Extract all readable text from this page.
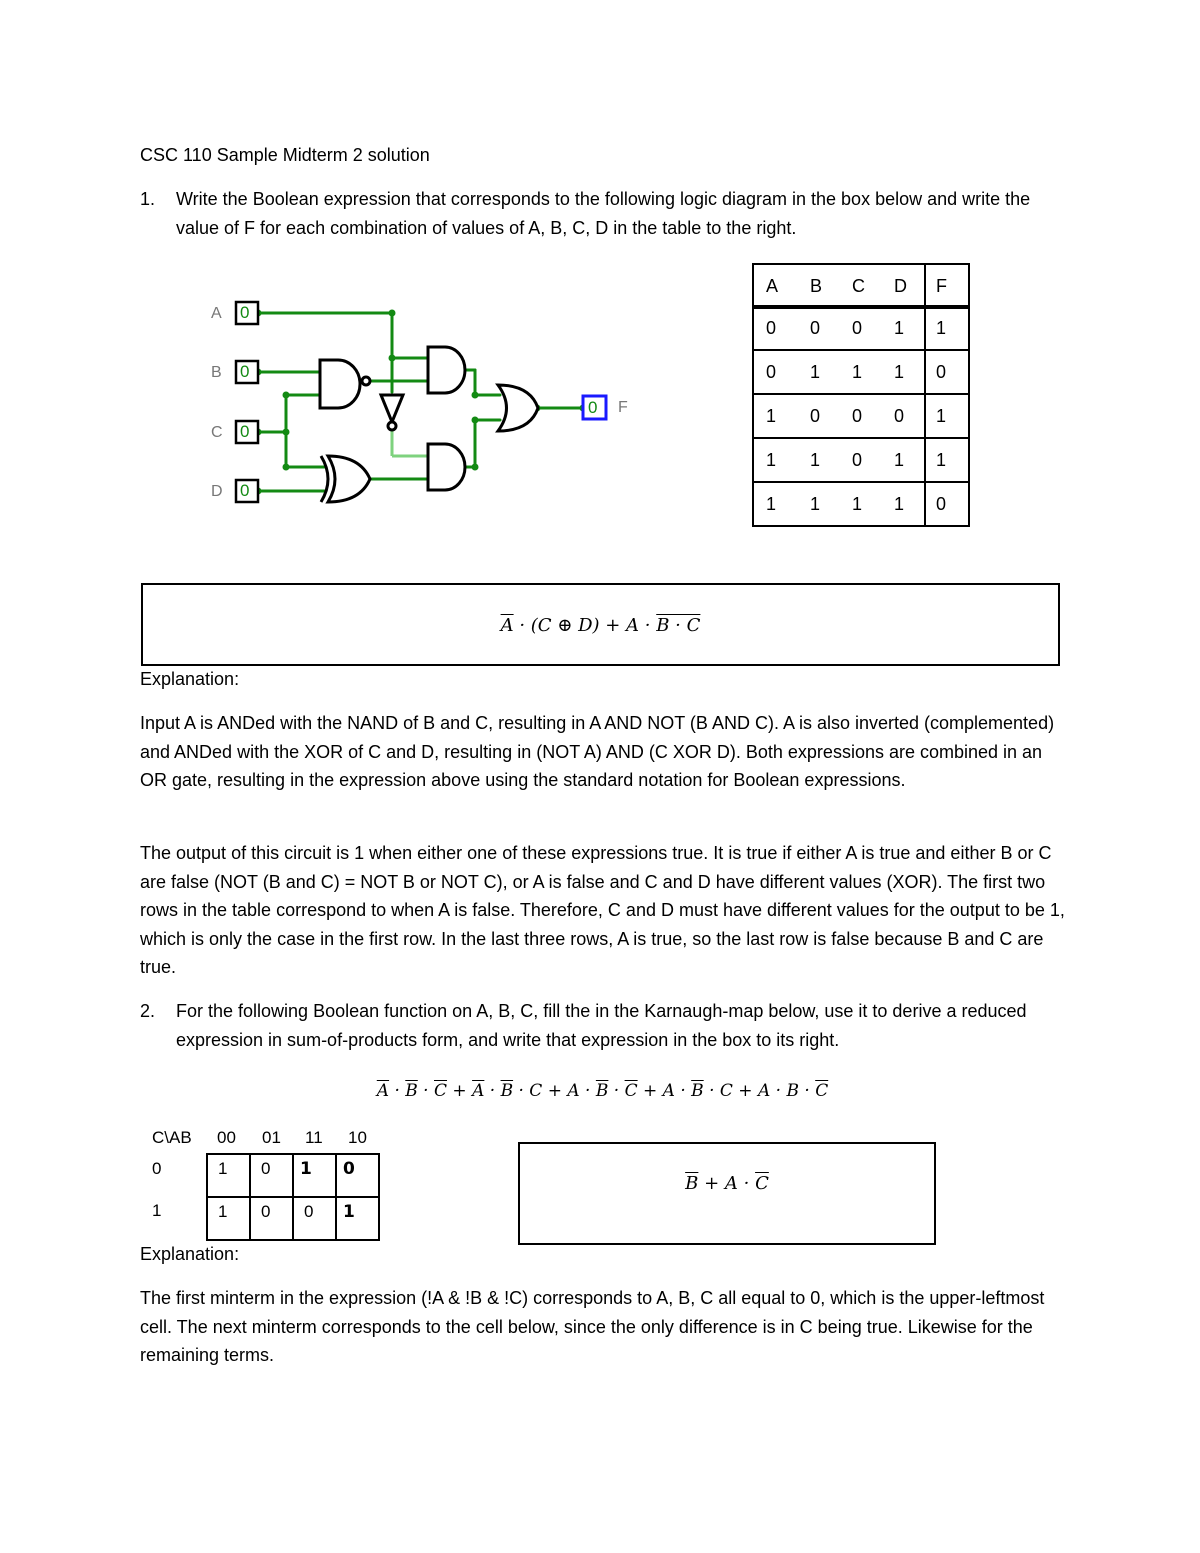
CSC 110 Sample Midterm 2 solution
1. Write the Boolean expression that corresponds to the following logic diagram in the box below and write the value of F for each combination of values of A, B, C, D in the table to the right.
A 0
B 0
C 0
D 0
0 F
A	B	C	D	F
0 0 0 1	1

0 1 1 1	0

1 0 0 0	1

1 1 0 1	1

1 1 1 1	0
$\overline{A} \cdot (C$ ⊕ D) + A · B · C
Explanation:
Input A is ANDed with the NAND of B and C, resulting in A AND NOT (B AND C). A is also inverted (complemented) and ANDed with the XOR of C and D, resulting in (NOT A) AND (C XOR D). Both expressions are combined in an OR gate, resulting in the expression above using the standard notation for Boolean expressions.
The output of this circuit is 1 when either one of these expressions true. It is true if either A is true and either B or C are false (NOT (B and C) = NOT B or NOT C), or A is false and C and D have different values (XOR). The first two rows in the table correspond to when A is false. Therefore, C and D must have different values for the output to be 1, which is only the case in the first row. In the last three rows, A is true, so the last row is false because B and C are true.
2. For the following Boolean function on A, B, C, fill the in the Karnaugh-map below, use it to derive a reduced expression in sum-of-products form, and write that expression in the box to its right.
$\overline{A} \cdot \overline{B} \cdot \overline{C} + \overline{A} \cdot \overline{B} \cdot C + A \cdot \overline{B} \cdot \overline{C} + A \cdot \overline{B} \cdot C + A \cdot B \cdot \overline{C}$
C\AB 00 01 11 10
0
1
1	0	1	0
1	0	0	1
$\overline{B} + A \cdot \overline{C}$
Explanation:
The first minterm in the expression (!A & !B & !C) corresponds to A, B, C all equal to 0, which is the upper-leftmost cell. The next minterm corresponds to the cell below, since the only difference is in C being true. Likewise for the remaining terms.
